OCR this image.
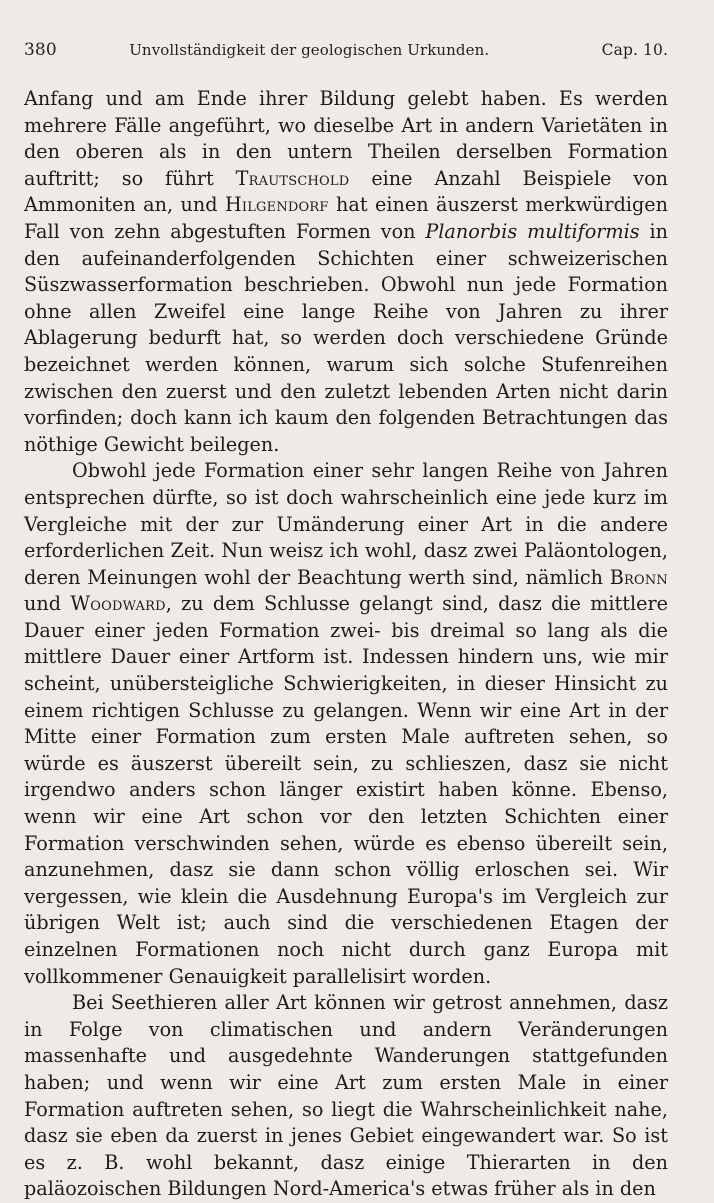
380	Unvollständigkeit der geologischen Urkunden.	Cap. 10.

Anfang und am Ende ihrer Bildung gelebt haben. Es werden mehrere Fälle angeführt, wo dieselbe Art in andern Varietäten in den oberen als in den untern Theilen derselben Formation auftritt; so führt Trautschold eine Anzahl Beispiele von Ammoniten an, und Hilgendorf hat einen äuszerst merkwürdigen Fall von zehn abgestuften Formen von Planorbis multiformis in den aufeinanderfolgenden Schichten einer schweizerischen Süszwasserformation beschrieben. Obwohl nun jede Formation ohne allen Zweifel eine lange Reihe von Jahren zu ihrer Ablagerung bedurft hat, so werden doch verschiedene Gründe bezeichnet werden können, warum sich solche Stufenreihen zwischen den zuerst und den zuletzt lebenden Arten nicht darin vorfinden; doch kann ich kaum den folgenden Betrachtungen das nöthige Gewicht beilegen.

Obwohl jede Formation einer sehr langen Reihe von Jahren entsprechen dürfte, so ist doch wahrscheinlich eine jede kurz im Vergleiche mit der zur Umänderung einer Art in die andere erforderlichen Zeit. Nun weisz ich wohl, dasz zwei Paläontologen, deren Meinungen wohl der Beachtung werth sind, nämlich Bronn und Woodward, zu dem Schlusse gelangt sind, dasz die mittlere Dauer einer jeden Formation zwei- bis dreimal so lang als die mittlere Dauer einer Artform ist. Indessen hindern uns, wie mir scheint, unübersteigliche Schwierigkeiten, in dieser Hinsicht zu einem richtigen Schlusse zu gelangen. Wenn wir eine Art in der Mitte einer Formation zum ersten Male auftreten sehen, so würde es äuszerst übereilt sein, zu schlieszen, dasz sie nicht irgendwo anders schon länger existirt haben könne. Ebenso, wenn wir eine Art schon vor den letzten Schichten einer Formation verschwinden sehen, würde es ebenso übereilt sein, anzunehmen, dasz sie dann schon völlig erloschen sei. Wir vergessen, wie klein die Ausdehnung Europa's im Vergleich zur übrigen Welt ist; auch sind die verschiedenen Etagen der einzelnen Formationen noch nicht durch ganz Europa mit vollkommener Genauigkeit parallelisirt worden.

Bei Seethieren aller Art können wir getrost annehmen, dasz in Folge von climatischen und andern Veränderungen massenhafte und ausgedehnte Wanderungen stattgefunden haben; und wenn wir eine Art zum ersten Male in einer Formation auftreten sehen, so liegt die Wahrscheinlichkeit nahe, dasz sie eben da zuerst in jenes Gebiet eingewandert war. So ist es z. B. wohl bekannt, dasz einige Thierarten in den paläozoischen Bildungen Nord-America's etwas früher als in den
